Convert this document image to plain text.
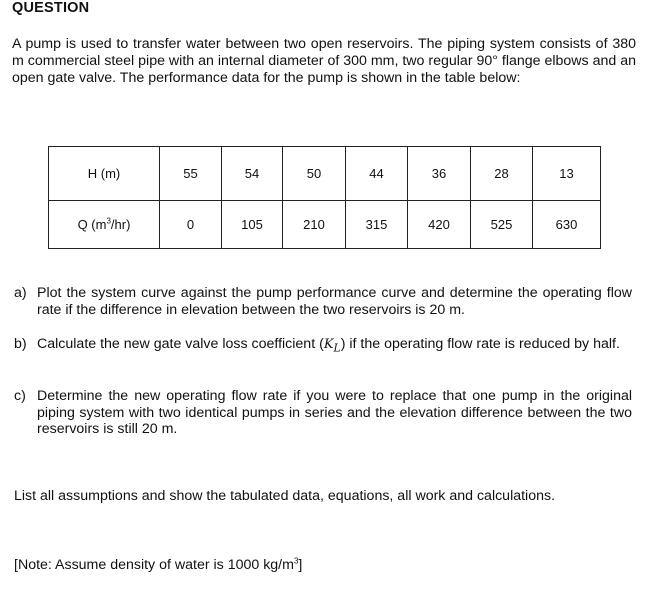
QUESTION
A pump is used to transfer water between two open reservoirs. The piping system consists of 380 m commercial steel pipe with an internal diameter of 300 mm, two regular 90° flange elbows and an open gate valve. The performance data for the pump is shown in the table below:
H (m)	55	54	50	44	36	28	13
Q $(m^3/hr)$	0	105	210	315	420	525	630
a) Plot the system curve against the pump performance curve and determine the operating flow rate if the difference in elevation between the two reservoirs is 20 m.
b) Calculate the new gate valve loss coefficient $(K_L)$ if the operating flow rate is reduced by half.
c) Determine the new operating flow rate if you were to replace that one pump in the original piping system with two identical pumps in series and the elevation difference between the two reservoirs is still 20 m.
List all assumptions and show the tabulated data, equations, all work and calculations.
[Note: Assume density of water is 1000 $kg/m^3$]
